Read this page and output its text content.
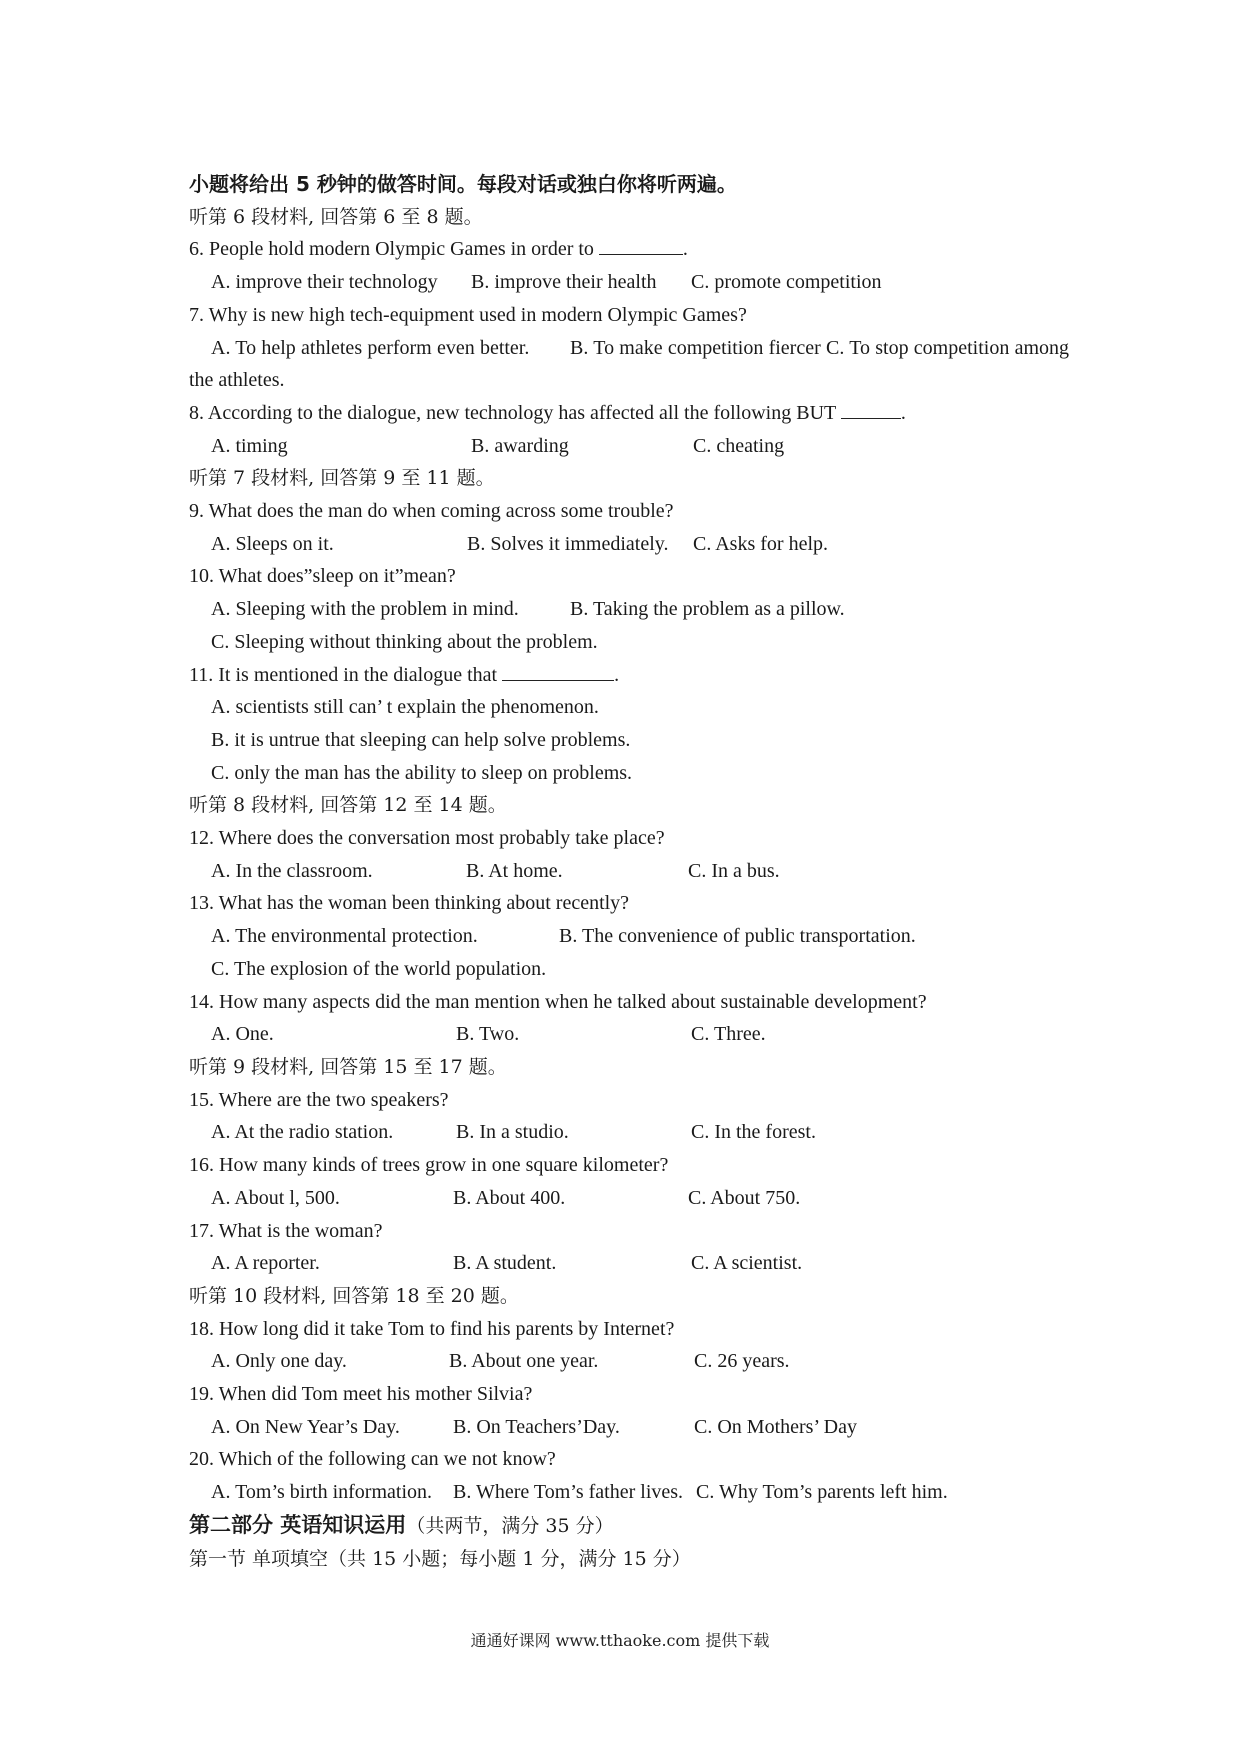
小题将给出 5 秒钟的做答时间。每段对话或独白你将听两遍。
听第 6 段材料, 回答第 6 至 8 题。
6. People hold modern Olympic Games in order to	.
A. improve their technology	B. improve their health	C. promote competition
7. Why is new high tech-equipment used in modern Olympic Games?
A. To help athletes perform even better.　　B. To make competition fiercer C. To stop competition among the athletes.
8. According to the dialogue, new technology has affected all the following BUT	.
A. timing	B. awarding	C. cheating
听第 7 段材料, 回答第 9 至 11 题。
9. What does the man do when coming across some trouble?
A. Sleeps on it.	B. Solves it immediately.	C. Asks for help.
10. What does”sleep on it”mean?
A. Sleeping with the problem in mind.	B. Taking the problem as a pillow.
C. Sleeping without thinking about the problem.
11. It is mentioned in the dialogue that	.
A. scientists still can’ t explain the phenomenon.
B. it is untrue that sleeping can help solve problems.
C. only the man has the ability to sleep on problems.
听第 8 段材料, 回答第 12 至 14 题。
12. Where does the conversation most probably take place?
A. In the classroom.	B. At home.	C. In a bus.
13. What has the woman been thinking about recently?
A. The environmental protection.	B. The convenience of public transportation.
C. The explosion of the world population.
14. How many aspects did the man mention when he talked about sustainable development?
A. One.	B. Two.	C. Three.
听第 9 段材料, 回答第 15 至 17 题。
15. Where are the two speakers?
A. At the radio station.	B. In a studio.	C. In the forest.
16. How many kinds of trees grow in one square kilometer?
A. About l, 500.	B. About 400.	C. About 750.
17. What is the woman?
A. A reporter.	B. A student.	C. A scientist.
听第 10 段材料, 回答第 18 至 20 题。
18. How long did it take Tom to find his parents by Internet?
A. Only one day.	B. About one year.	C. 26 years.
19. When did Tom meet his mother Silvia?
A. On New Year’s Day.	B. On Teachers’Day.	C. On Mothers’ Day
20. Which of the following can we not know?
A. Tom’s birth information.	B. Where Tom’s father lives. C. Why Tom’s parents left him.
第二部分 英语知识运用（共两节，满分 35 分）
第一节 单项填空（共 15 小题；每小题 1 分，满分 15 分）
通通好课网 www.tthaoke.com 提供下载
